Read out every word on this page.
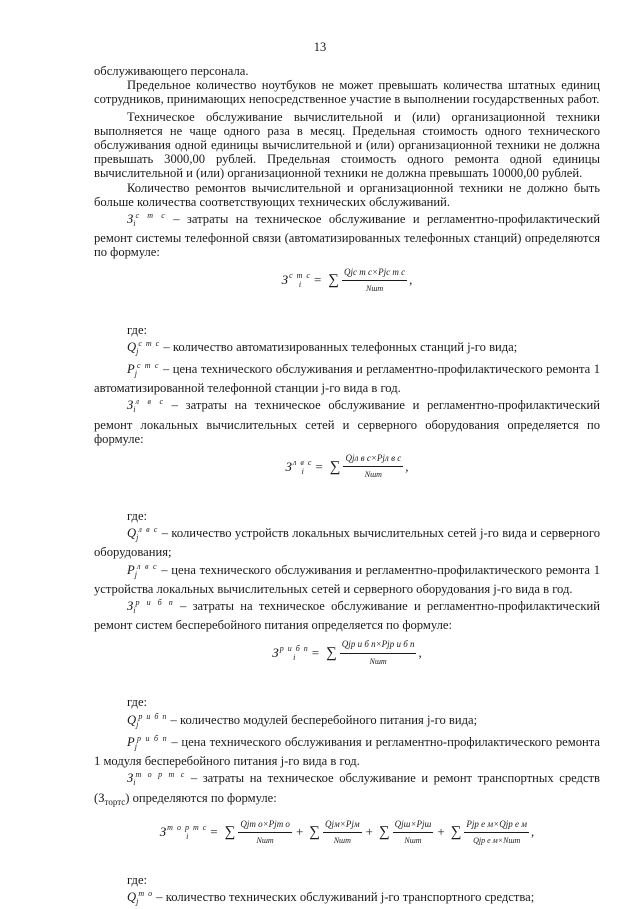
13

обслуживающего персонала.

Предельное количество ноутбуков не может превышать количества штатных единиц сотрудников, принимающих непосредственное участие в выполнении государственных работ.

Техническое обслуживание вычислительной и (или) организационной техники выполняется не чаще одного раза в месяц. Предельная стоимость одного технического обслуживания одной единицы вычислительной и (или) организационной техники не должна превышать 3000,00 рублей. Предельная стоимость одного ремонта одной единицы вычислительной и (или) организационной техники не должна превышать 10000,00 рублей.

Количество ремонтов вычислительной и организационной техники не должно быть больше количества соответствующих технических обслуживаний.

$З_i^{с т с}$ – затраты на техническое обслуживание и регламентно-профилактический ремонт системы телефонной связи (автоматизированных телефонных станций) определяются по формуле:

З с т с
i = ∑ $\frac{\text{Qjс т с×Pjс т с}}{\text{Nшт}}$ ,

где:

$Q_j^{с т с}$ – количество автоматизированных телефонных станций j-го вида;

$P_j^{с т с}$ – цена технического обслуживания и регламентно-профилактического ремонта 1 автоматизированной телефонной станции j-го вида в год.

$З_i^{л в с}$ – затраты на техническое обслуживание и регламентно-профилактический ремонт локальных вычислительных сетей и серверного оборудования определяется по формуле:

З л в с
i = ∑ $\frac{\text{Qjл в с×Pjл в с}}{\text{Nшт}}$ ,

где:

$Q_j^{л в с}$ – количество устройств локальных вычислительных сетей j-го вида и серверного оборудования;

$P_j^{л в с}$ – цена технического обслуживания и регламентно-профилактического ремонта 1 устройства локальных вычислительных сетей и серверного оборудования j-го вида в год.

$З_i^{р и б п}$ – затраты на техническое обслуживание и регламентно-профилактический ремонт систем бесперебойного питания определяется по формуле:

З р и б п
i	= ∑ $\frac{\text{Qjр и б п×Pjр и б п}}{\text{Nшт}}$ ,

где:

$Q_j^{р и б п}$ – количество модулей бесперебойного питания j-го вида;

$P_j^{р и б п}$ – цена технического обслуживания и регламентно-профилактического ремонта 1 модуля бесперебойного питания j-го вида в год.

$З_i^{т о р т с}$ – затраты на техническое обслуживание и ремонт транспортных средств $(З_{тортс})$ определяются по формуле:

З т о р т с
i	= ∑ $\frac{\text{Qjт о×Pjт о}}{\text{Nшт}}$ + ∑ $\frac{\text{Qjм×Pjм}}{\text{Nшт}}$ + ∑ $\frac{\text{Qjш×Pjш}}{\text{Nшт}}$ + ∑ $\frac{\text{Pjр е м×Qjр е м}}{\text{Qjр е м×Nшт}}$ ,

где:

$Q_j^{т о}$ – количество технических обслуживаний j-го транспортного средства;
